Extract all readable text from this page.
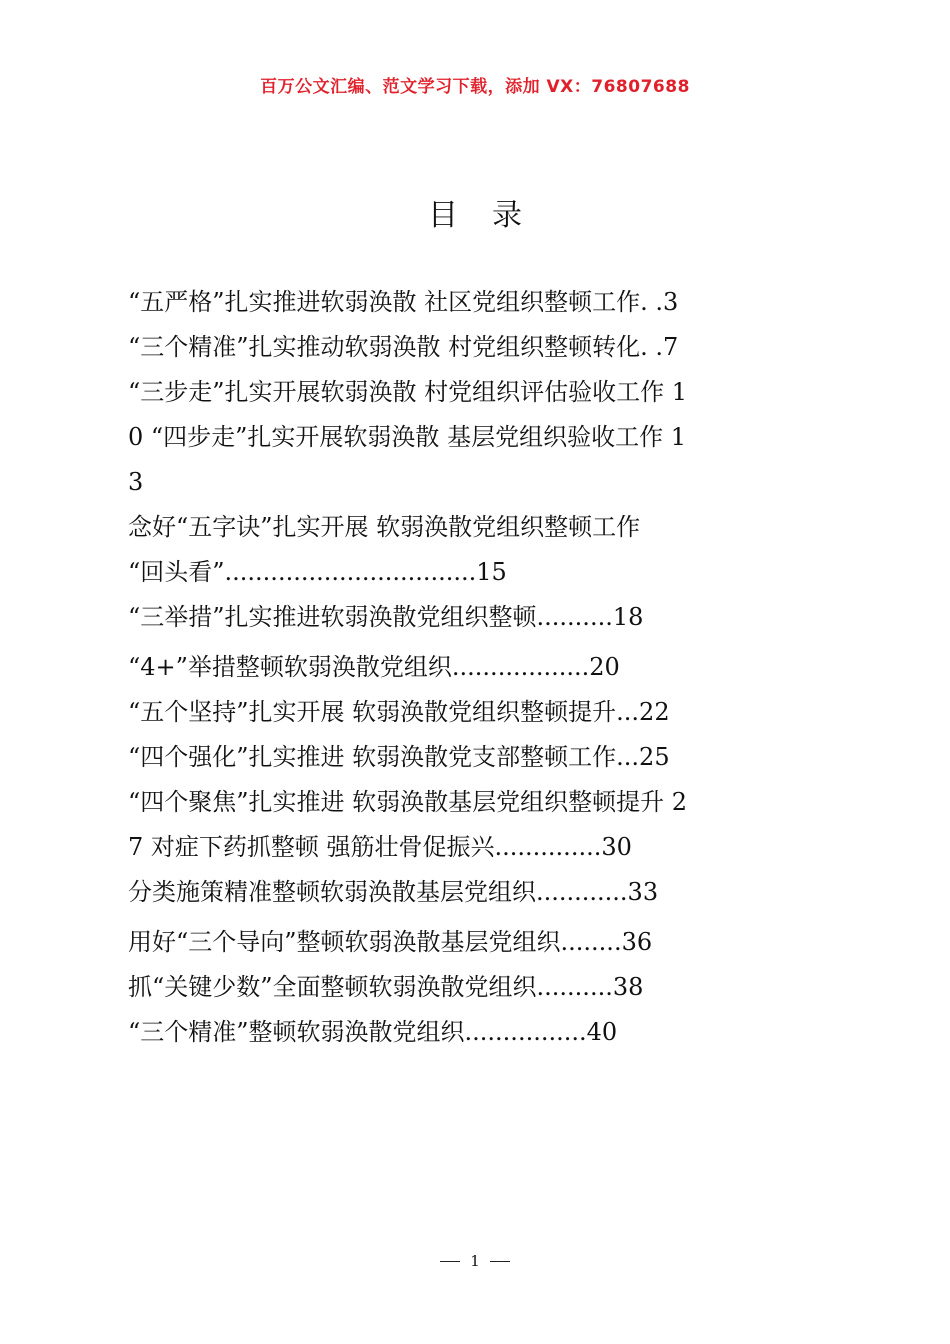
百万公文汇编、范文学习下载，添加 VX：76807688
目录
“五严格”扎实推进软弱涣散 社区党组织整顿工作. .3
“三个精准”扎实推动软弱涣散 村党组织整顿转化. .7
“三步走”扎实开展软弱涣散 村党组织评估验收工作 1
0 “四步走”扎实开展软弱涣散 基层党组织验收工作 1
3
念好“五字诀”扎实开展 软弱涣散党组织整顿工作
“回头看”.................................15
“三举措”扎实推进软弱涣散党组织整顿..........18
“4+”举措整顿软弱涣散党组织..................20
“五个坚持”扎实开展 软弱涣散党组织整顿提升...22
“四个强化”扎实推进 软弱涣散党支部整顿工作...25
“四个聚焦”扎实推进 软弱涣散基层党组织整顿提升 2
7 对症下药抓整顿 强筋壮骨促振兴..............30
分类施策精准整顿软弱涣散基层党组织............33
用好“三个导向”整顿软弱涣散基层党组织........36
抓“关键少数”全面整顿软弱涣散党组织..........38
“三个精准”整顿软弱涣散党组织................40
1
